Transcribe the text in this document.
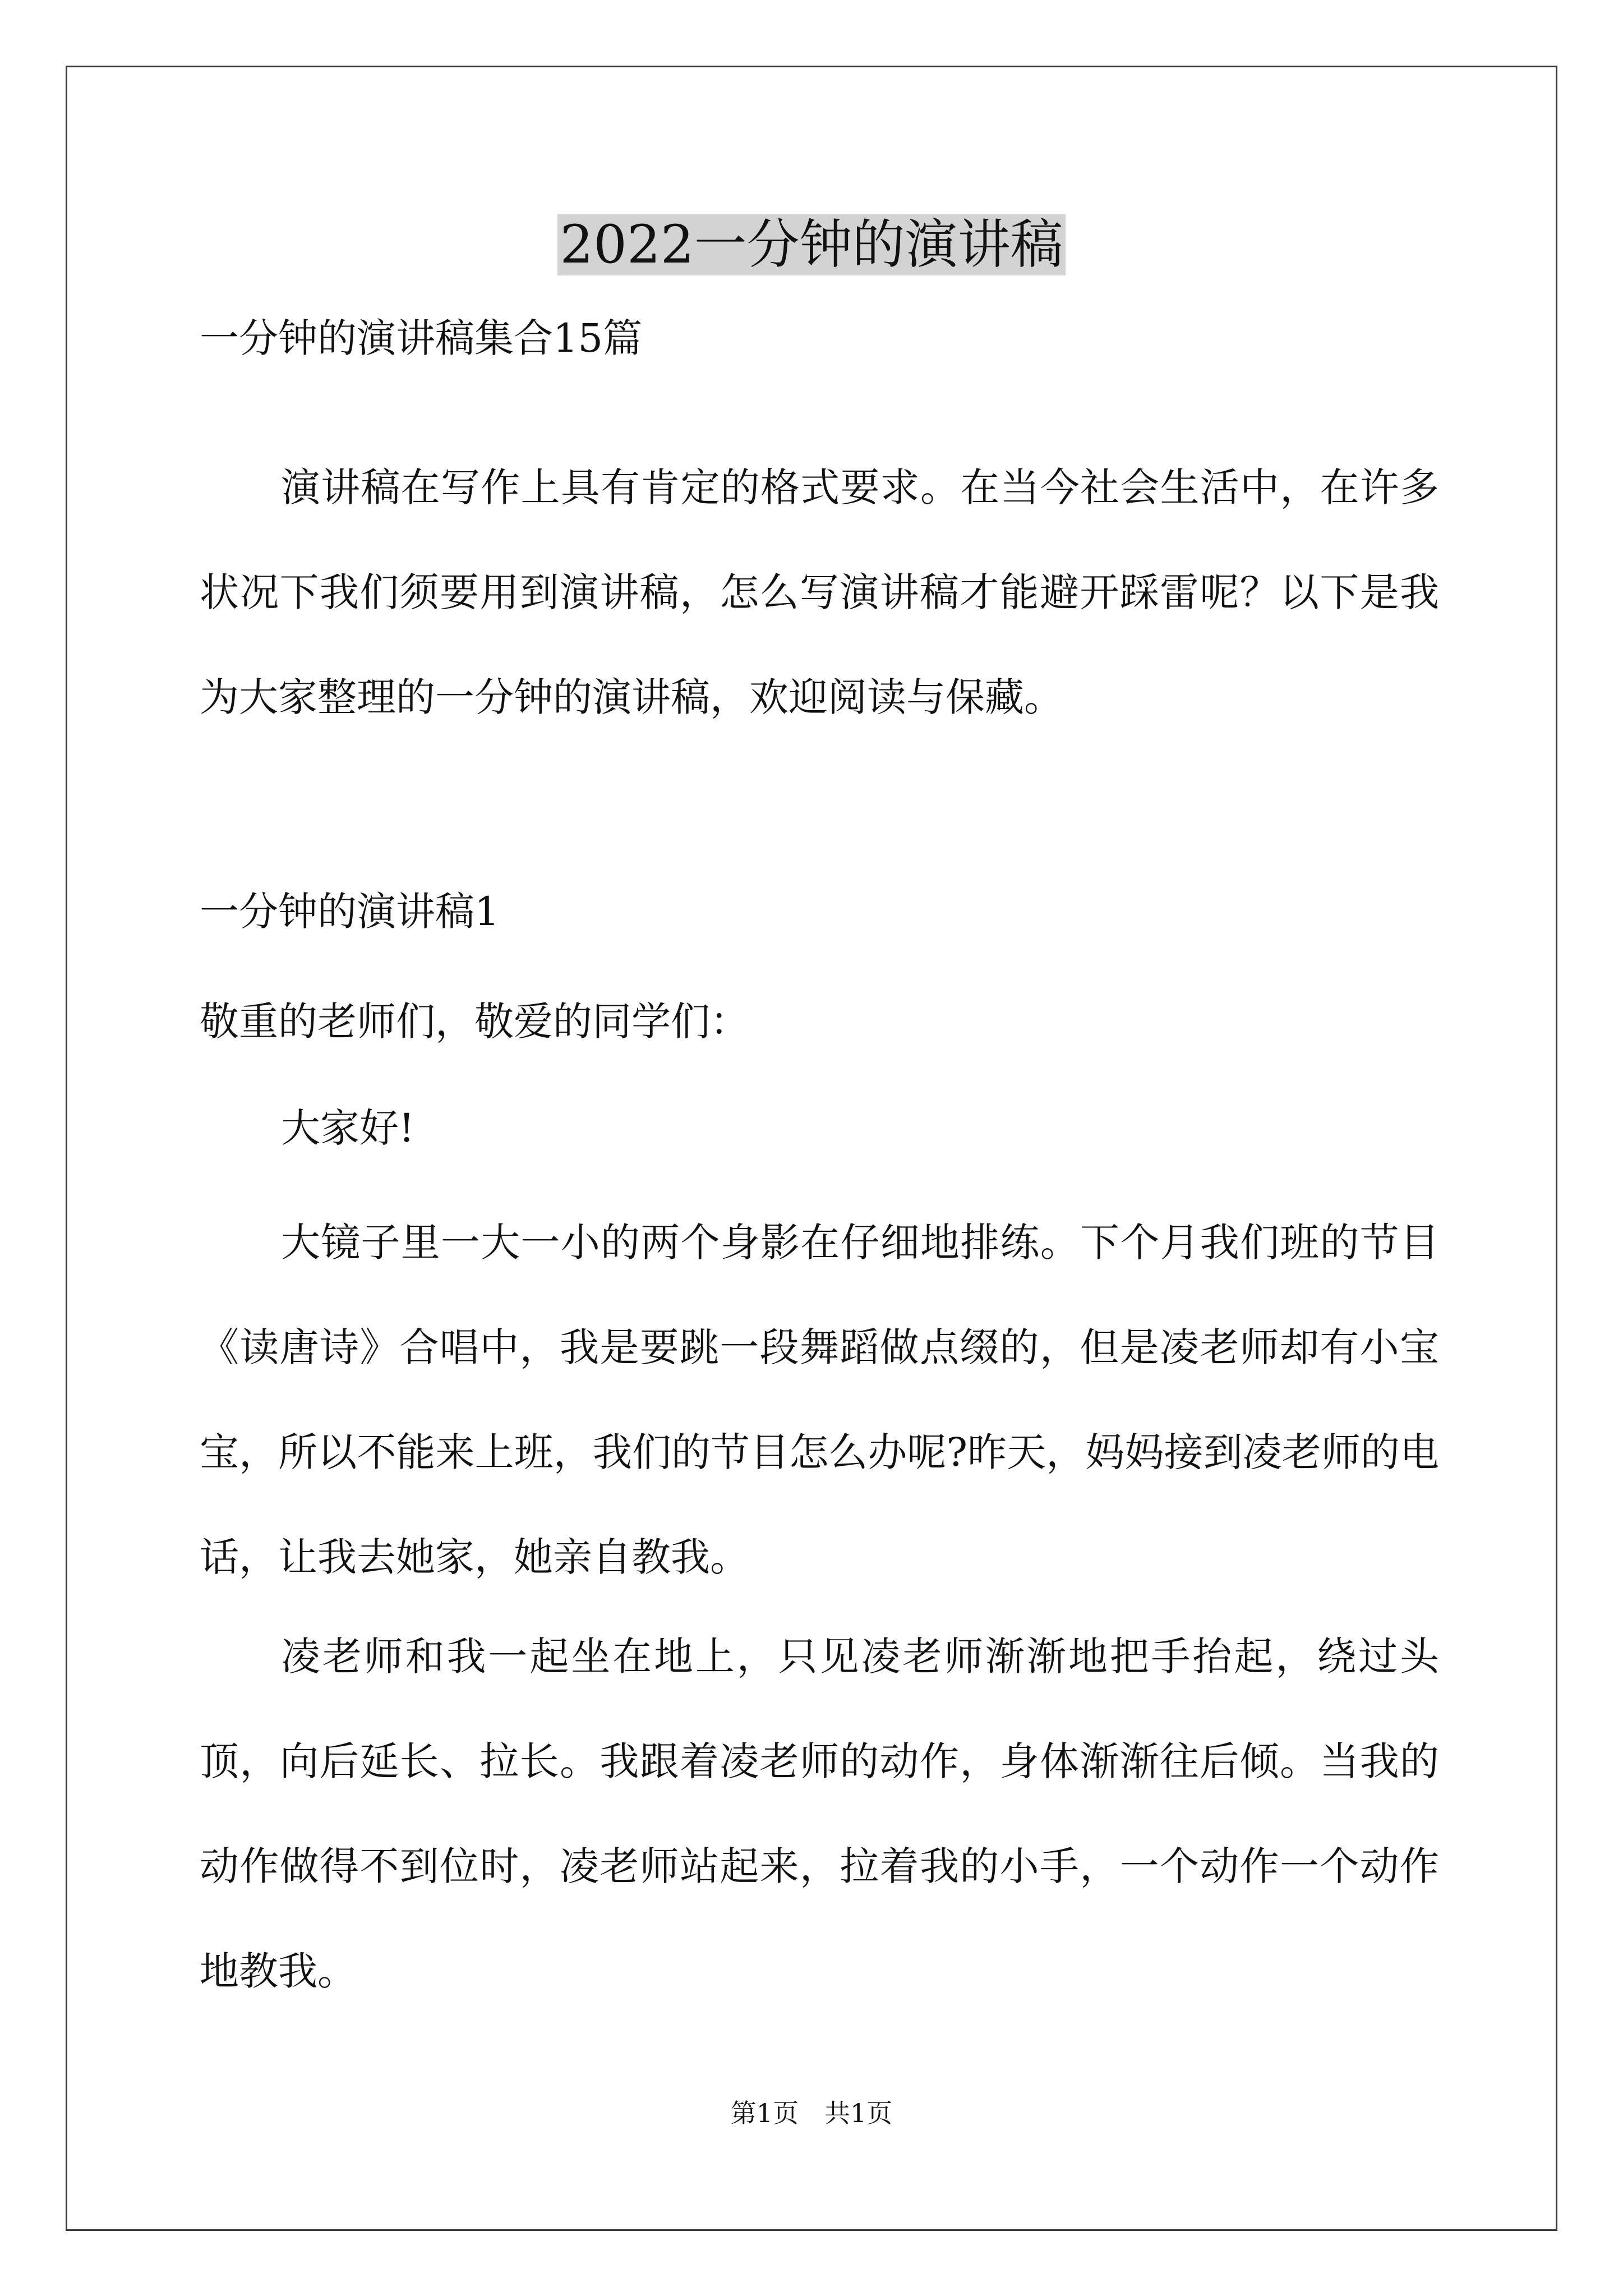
2022一分钟的演讲稿

一分钟的演讲稿集合15篇

演讲稿在写作上具有肯定的格式要求。在当今社会生活中，在许多状况下我们须要用到演讲稿，怎么写演讲稿才能避开踩雷呢？以下是我为大家整理的一分钟的演讲稿，欢迎阅读与保藏。

一分钟的演讲稿1

敬重的老师们，敬爱的同学们：

大家好!

大镜子里一大一小的两个身影在仔细地排练。下个月我们班的节目《读唐诗》合唱中，我是要跳一段舞蹈做点缀的，但是凌老师却有小宝宝，所以不能来上班，我们的节目怎么办呢?昨天，妈妈接到凌老师的电话，让我去她家，她亲自教我。

凌老师和我一起坐在地上，只见凌老师渐渐地把手抬起，绕过头顶，向后延长、拉长。我跟着凌老师的动作，身体渐渐往后倾。当我的动作做得不到位时，凌老师站起来，拉着我的小手，一个动作一个动作地教我。

第1页　共1页
